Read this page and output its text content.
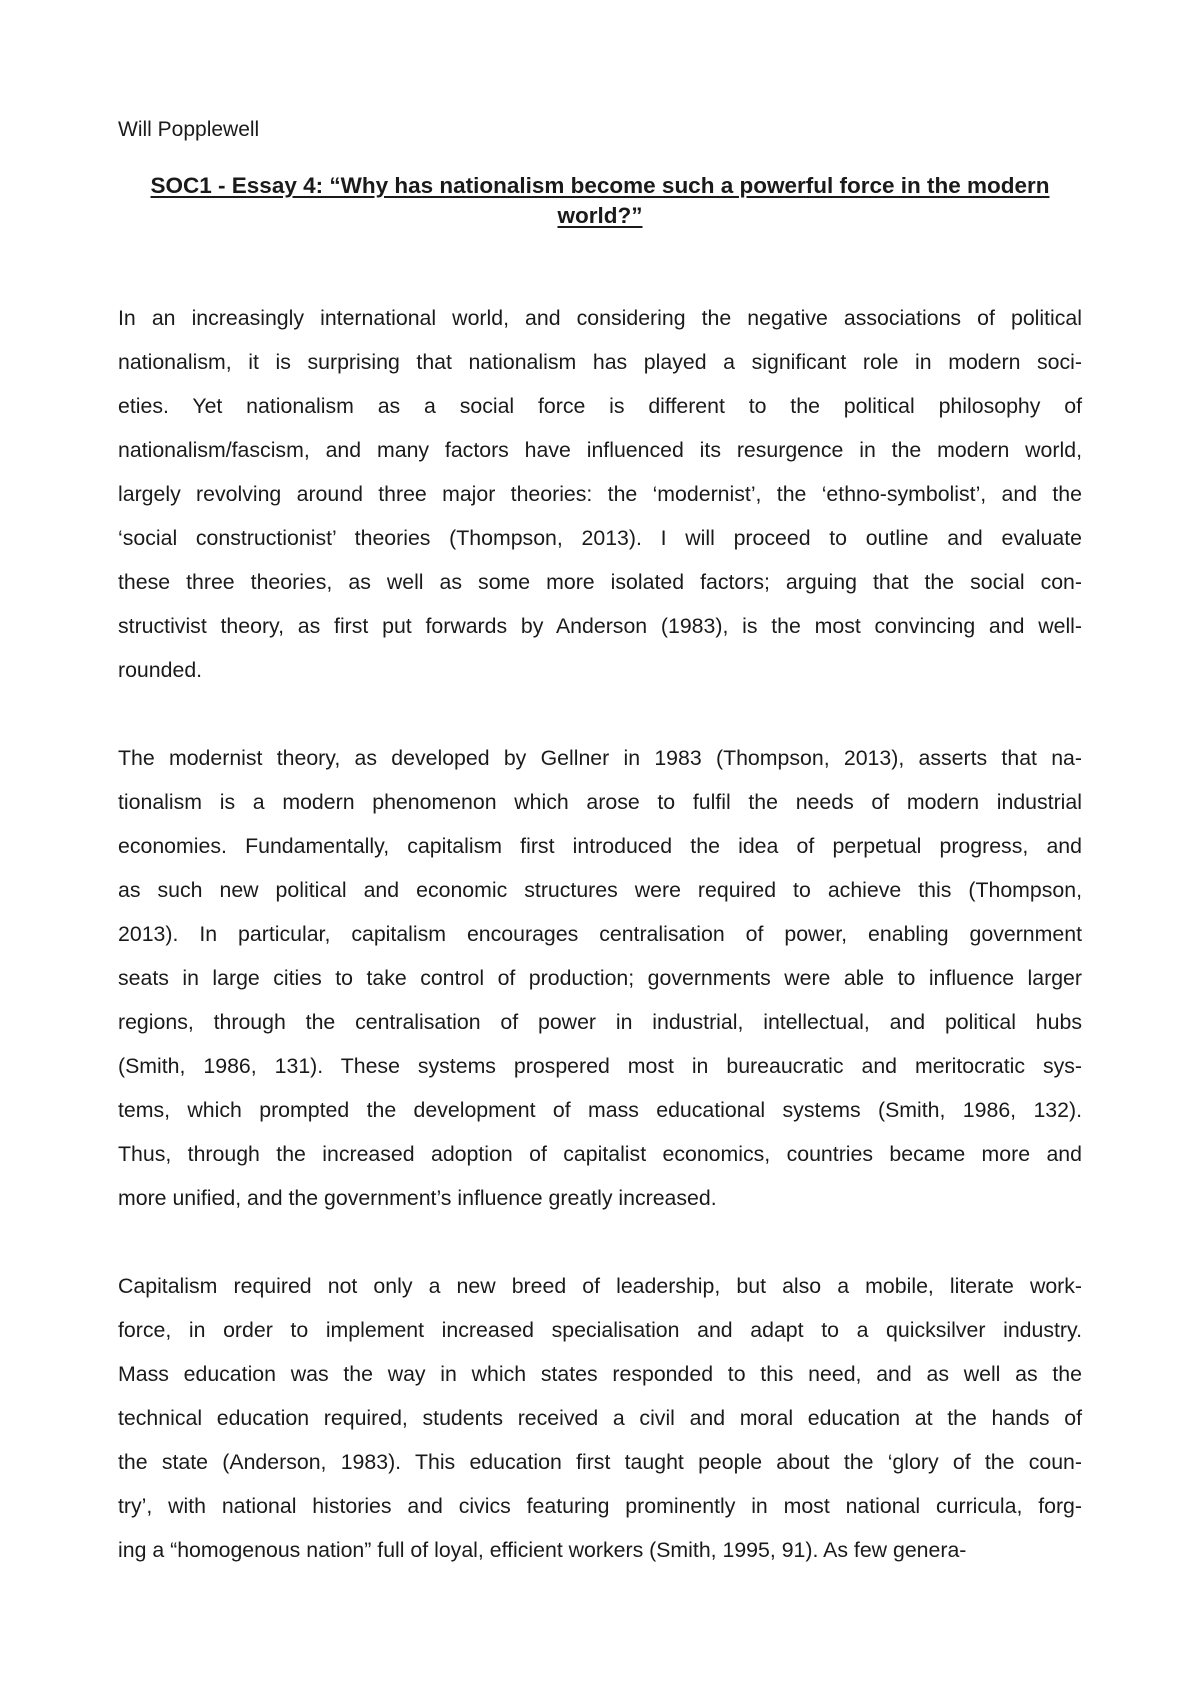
Will Popplewell

SOC1 - Essay 4: “Why has nationalism become such a powerful force in the modern world?”
In an increasingly international world, and considering the negative associations of political
nationalism, it is surprising that nationalism has played a significant role in modern soci-
eties. Yet nationalism as a social force is different to the political philosophy of
nationalism/fascism, and many factors have influenced its resurgence in the modern world,
largely revolving around three major theories: the ‘modernist’, the ‘ethno-symbolist’, and the
‘social constructionist’ theories (Thompson, 2013). I will proceed to outline and evaluate
these three theories, as well as some more isolated factors; arguing that the social con-
structivist theory, as first put forwards by Anderson (1983), is the most convincing and well-
rounded.
The modernist theory, as developed by Gellner in 1983 (Thompson, 2013), asserts that na-
tionalism is a modern phenomenon which arose to fulfil the needs of modern industrial
economies. Fundamentally, capitalism first introduced the idea of perpetual progress, and
as such new political and economic structures were required to achieve this (Thompson,
2013). In particular, capitalism encourages centralisation of power, enabling government
seats in large cities to take control of production; governments were able to influence larger
regions, through the centralisation of power in industrial, intellectual, and political hubs
(Smith, 1986, 131). These systems prospered most in bureaucratic and meritocratic sys-
tems, which prompted the development of mass educational systems (Smith, 1986, 132).
Thus, through the increased adoption of capitalist economics, countries became more and
more unified, and the government’s influence greatly increased.
Capitalism required not only a new breed of leadership, but also a mobile, literate work-
force, in order to implement increased specialisation and adapt to a quicksilver industry.
Mass education was the way in which states responded to this need, and as well as the
technical education required, students received a civil and moral education at the hands of
the state (Anderson, 1983). This education first taught people about the ‘glory of the coun-
try’, with national histories and civics featuring prominently in most national curricula, forg-
ing a “homogenous nation” full of loyal, efficient workers (Smith, 1995, 91). As few genera-
